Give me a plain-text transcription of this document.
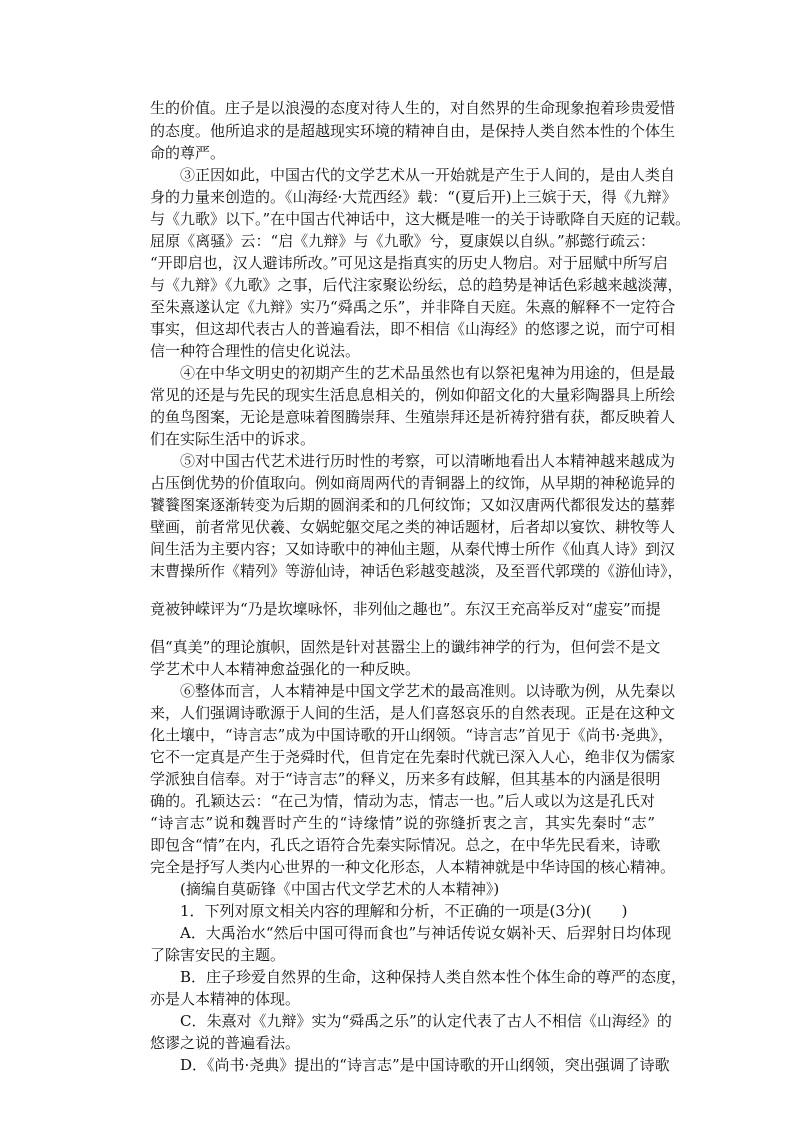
生的价值。庄子是以浪漫的态度对待人生的，对自然界的生命现象抱着珍贵爱惜
的态度。他所追求的是超越现实环境的精神自由，是保持人类自然本性的个体生
命的尊严。
　　③正因如此，中国古代的文学艺术从一开始就是产生于人间的，是由人类自
身的力量来创造的。《山海经·大荒西经》载：“(夏后开)上三嫔于天，得《九辩》
与《九歌》以下。”在中国古代神话中，这大概是唯一的关于诗歌降自天庭的记载。
屈原《离骚》云：“启《九辩》与《九歌》兮，夏康娱以自纵。”郝懿行疏云：
“开即启也，汉人避讳所改。”可见这是指真实的历史人物启。对于屈赋中所写启
与《九辩》《九歌》之事，后代注家聚讼纷纭，总的趋势是神话色彩越来越淡薄，
至朱熹遂认定《九辩》实乃“舜禹之乐”，并非降自天庭。朱熹的解释不一定符合
事实，但这却代表古人的普遍看法，即不相信《山海经》的悠谬之说，而宁可相
信一种符合理性的信史化说法。
　　④在中华文明史的初期产生的艺术品虽然也有以祭祀鬼神为用途的，但是最
常见的还是与先民的现实生活息息相关的，例如仰韶文化的大量彩陶器具上所绘
的鱼鸟图案，无论是意味着图腾崇拜、生殖崇拜还是祈祷狩猎有获，都反映着人
们在实际生活中的诉求。
　　⑤对中国古代艺术进行历时性的考察，可以清晰地看出人本精神越来越成为
占压倒优势的价值取向。例如商周两代的青铜器上的纹饰，从早期的神秘诡异的
饕餮图案逐渐转变为后期的圆润柔和的几何纹饰；又如汉唐两代都很发达的墓葬
壁画，前者常见伏羲、女娲蛇躯交尾之类的神话题材，后者却以宴饮、耕牧等人
间生活为主要内容；又如诗歌中的神仙主题，从秦代博士所作《仙真人诗》到汉
末曹操所作《精列》等游仙诗，神话色彩越变越淡，及至晋代郭璞的《游仙诗》，
竟被钟嵘评为“乃是坎壈咏怀，非列仙之趣也”。东汉王充高举反对“虚妄”而提
倡“真美”的理论旗帜，固然是针对甚嚣尘上的谶纬神学的行为，但何尝不是文
学艺术中人本精神愈益强化的一种反映。
　　⑥整体而言，人本精神是中国文学艺术的最高准则。以诗歌为例，从先秦以
来，人们强调诗歌源于人间的生活，是人们喜怒哀乐的自然表现。正是在这种文
化土壤中，“诗言志”成为中国诗歌的开山纲领。“诗言志”首见于《尚书·尧典》，
它不一定真是产生于尧舜时代，但肯定在先秦时代就已深入人心，绝非仅为儒家
学派独自信奉。对于“诗言志”的释义，历来多有歧解，但其基本的内涵是很明
确的。孔颖达云：“在己为情，情动为志，情志一也。”后人或以为这是孔氏对
“诗言志”说和魏晋时产生的“诗缘情”说的弥缝折衷之言，其实先秦时“志”
即包含“情”在内，孔氏之语符合先秦实际情况。总之，在中华先民看来，诗歌
完全是抒写人类内心世界的一种文化形态，人本精神就是中华诗国的核心精神。
　　(摘编自莫砺锋《中国古代文学艺术的人本精神》)
　　1．下列对原文相关内容的理解和分析，不正确的一项是(3分)(　　)
　　A．大禹治水“然后中国可得而食也”与神话传说女娲补天、后羿射日均体现
了除害安民的主题。
　　B．庄子珍爱自然界的生命，这种保持人类自然本性个体生命的尊严的态度，
亦是人本精神的体现。
　　C．朱熹对《九辩》实为“舜禹之乐”的认定代表了古人不相信《山海经》的
悠谬之说的普遍看法。
　　D．《尚书·尧典》提出的“诗言志”是中国诗歌的开山纲领，突出强调了诗歌
